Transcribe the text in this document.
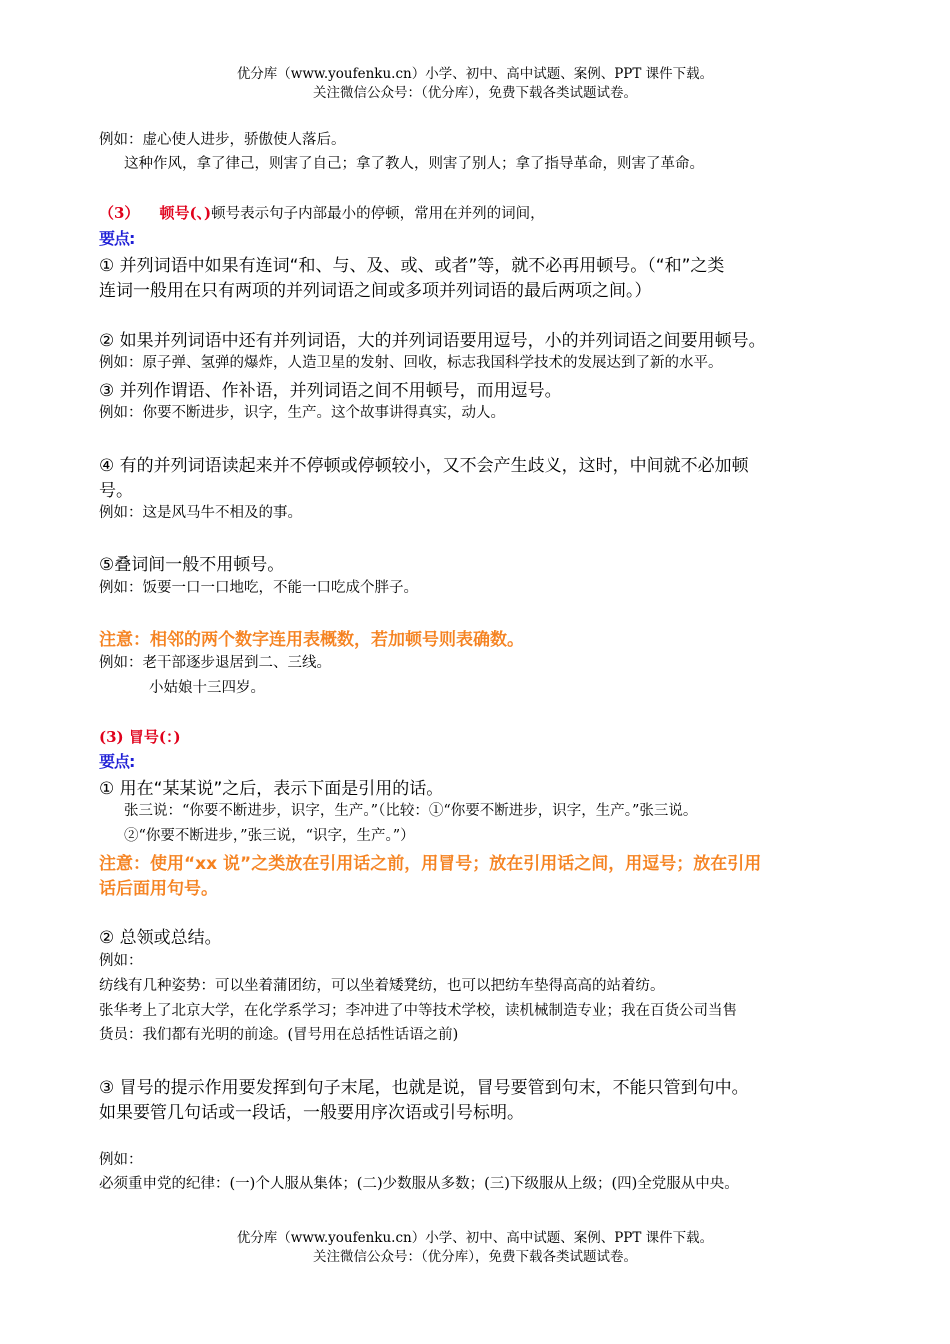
优分库（www.youfenku.cn）小学、初中、高中试题、案例、PPT 课件下载。
关注微信公众号：（优分库），免费下载各类试题试卷。
例如：虚心使人进步，骄傲使人落后。
这种作风，拿了律己，则害了自己；拿了教人，则害了别人；拿了指导革命，则害了革命。
（3） 顿号(、)顿号表示句子内部最小的停顿，常用在并列的词间，
要点:
① 并列词语中如果有连词“和、与、及、或、或者”等，就不必再用顿号。（“和”之类
连词一般用在只有两项的并列词语之间或多项并列词语的最后两项之间。）
② 如果并列词语中还有并列词语，大的并列词语要用逗号，小的并列词语之间要用顿号。
例如：原子弹、氢弹的爆炸，人造卫星的发射、回收，标志我国科学技术的发展达到了新的水平。
③ 并列作谓语、作补语，并列词语之间不用顿号，而用逗号。
例如：你要不断进步，识字，生产。这个故事讲得真实，动人。
④ 有的并列词语读起来并不停顿或停顿较小，又不会产生歧义，这时，中间就不必加顿
号。
例如：这是风马牛不相及的事。
⑤叠词间一般不用顿号。
例如：饭要一口一口地吃，不能一口吃成个胖子。
注意：相邻的两个数字连用表概数，若加顿号则表确数。
例如：老干部逐步退居到二、三线。
小姑娘十三四岁。
(3) 冒号(：)
要点:
① 用在“某某说”之后，表示下面是引用的话。
张三说：“你要不断进步，识字，生产。”（比较：①“你要不断进步，识字，生产。”张三说。
②“你要不断进步，”张三说，“识字，生产。”）
注意：使用“xx 说”之类放在引用话之前，用冒号；放在引用话之间，用逗号；放在引用
话后面用句号。
② 总领或总结。
例如：
纺线有几种姿势：可以坐着蒲团纺，可以坐着矮凳纺，也可以把纺车垫得高高的站着纺。
张华考上了北京大学，在化学系学习；李冲进了中等技术学校，读机械制造专业；我在百货公司当售
货员：我们都有光明的前途。(冒号用在总括性话语之前)
③ 冒号的提示作用要发挥到句子末尾，也就是说，冒号要管到句末，不能只管到句中。
如果要管几句话或一段话，一般要用序次语或引号标明。
例如：
必须重申党的纪律：(一)个人服从集体；(二)少数服从多数；(三)下级服从上级；(四)全党服从中央。
优分库（www.youfenku.cn）小学、初中、高中试题、案例、PPT 课件下载。
关注微信公众号：（优分库），免费下载各类试题试卷。
